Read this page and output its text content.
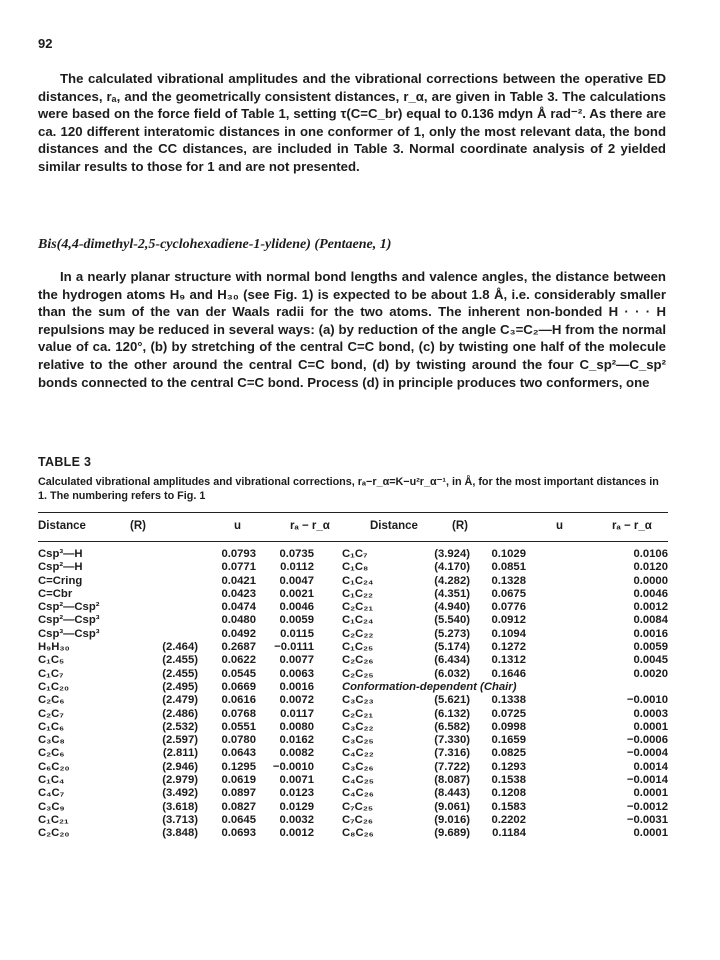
92

The calculated vibrational amplitudes and the vibrational corrections between the operative ED distances, rₐ, and the geometrically consistent distances, r_α, are given in Table 3. The calculations were based on the force field of Table 1, setting τ(C=C_br) equal to 0.136 mdyn Å rad⁻². As there are ca. 120 different interatomic distances in one conformer of 1, only the most relevant data, the bond distances and the CC distances, are included in Table 3. Normal coordinate analysis of 2 yielded similar results to those for 1 and are not presented.

Bis(4,4-dimethyl-2,5-cyclohexadiene-1-ylidene) (Pentaene, 1)

In a nearly planar structure with normal bond lengths and valence angles, the distance between the hydrogen atoms H₉ and H₃₀ (see Fig. 1) is expected to be about 1.8 Å, i.e. considerably smaller than the sum of the van der Waals radii for the two atoms. The inherent non-bonded H · · · H repulsions may be reduced in several ways: (a) by reduction of the angle C₃=C₂—H from the normal value of ca. 120°, (b) by stretching of the central C=C bond, (c) by twisting one half of the molecule relative to the other around the central C=C bond, (d) by twisting around the four C_sp²—C_sp² bonds connected to the central C=C bond. Process (d) in principle produces two conformers, one

TABLE 3

Calculated vibrational amplitudes and vibrational corrections, rₐ−r_α=K−u²r_α⁻¹, in Å, for the most important distances in 1. The numbering refers to Fig. 1

Distance	(R)	u	rₐ − r_α	Distance	(R)	u	rₐ − r_α
Csp³—H		0.0793	0.0735	C₁C₇	(3.924)	0.1029	0.0106
Csp²—H		0.0771	0.0112	C₁C₈	(4.170)	0.0851	0.0120
C=Cring		0.0421	0.0047	C₁C₂₄	(4.282)	0.1328	0.0000
C=Cbr		0.0423	0.0021	C₁C₂₂	(4.351)	0.0675	0.0046
Csp²—Csp²		0.0474	0.0046	C₂C₂₁	(4.940)	0.0776	0.0012
Csp²—Csp³		0.0480	0.0059	C₁C₂₄	(5.540)	0.0912	0.0084
Csp³—Csp³		0.0492	0.0115	C₂C₂₂	(5.273)	0.1094	0.0016
H₉H₃₀	(2.464)	0.2687	−0.0111	C₁C₂₅	(5.174)	0.1272	0.0059
C₁C₅	(2.455)	0.0622	0.0077	C₂C₂₆	(6.434)	0.1312	0.0045
C₁C₇	(2.455)	0.0545	0.0063	C₂C₂₅	(6.032)	0.1646	0.0020
C₁C₂₀	(2.495)	0.0669	0.0016	Conformation-dependent (Chair)			
C₂C₆	(2.479)	0.0616	0.0072	C₃C₂₃	(5.621)	0.1338	−0.0010
C₂C₇	(2.486)	0.0768	0.0117	C₂C₂₁	(6.132)	0.0725	0.0003
C₁C₆	(2.532)	0.0551	0.0080	C₃C₂₂	(6.582)	0.0998	0.0001
C₃C₈	(2.597)	0.0780	0.0162	C₃C₂₅	(7.330)	0.1659	−0.0006
C₂C₆	(2.811)	0.0643	0.0082	C₄C₂₂	(7.316)	0.0825	−0.0004
C₆C₂₀	(2.946)	0.1295	−0.0010	C₃C₂₆	(7.722)	0.1293	0.0014
C₁C₄	(2.979)	0.0619	0.0071	C₄C₂₅	(8.087)	0.1538	−0.0014
C₄C₇	(3.492)	0.0897	0.0123	C₄C₂₆	(8.443)	0.1208	0.0001
C₃C₉	(3.618)	0.0827	0.0129	C₇C₂₅	(9.061)	0.1583	−0.0012
C₁C₂₁	(3.713)	0.0645	0.0032	C₇C₂₆	(9.016)	0.2202	−0.0031
C₂C₂₀	(3.848)	0.0693	0.0012	C₈C₂₆	(9.689)	0.1184	0.0001
